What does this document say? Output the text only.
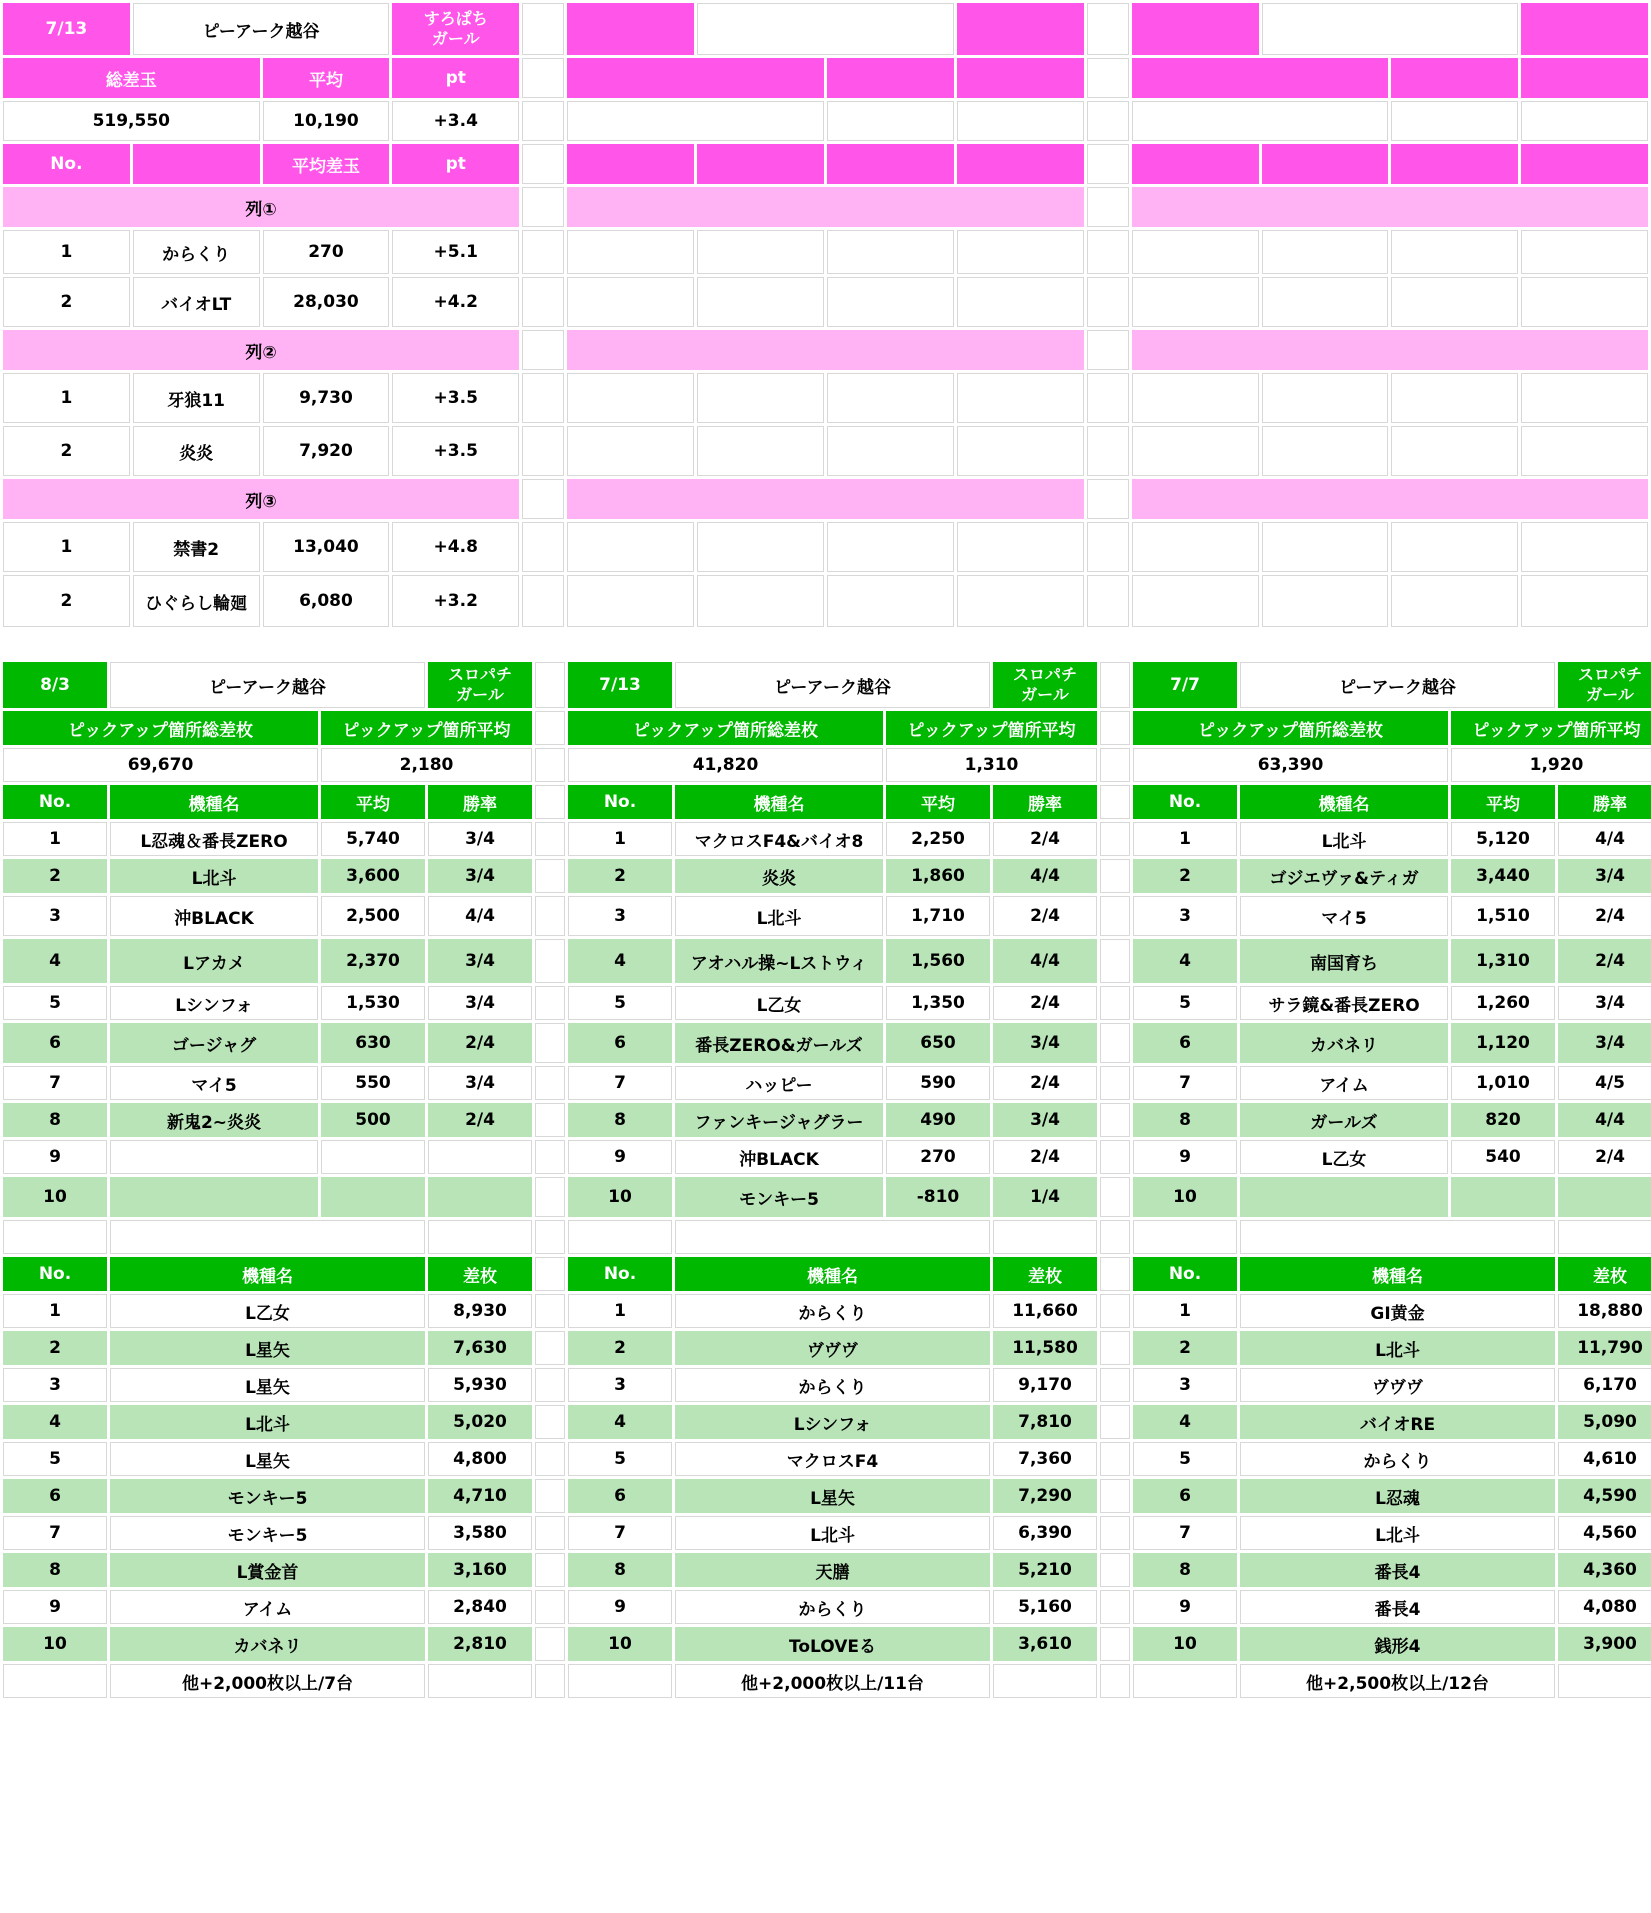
7/13	ピーアーク越谷		すろぱち
ガール										
総差玉		平均	pt										
519,550		10,190	+3.4										
No.		平均差玉	pt										
列①													
1	からくり	270	+5.1										
2	バイオLT	28,030	+4.2										
列②													
1	牙狼11	9,730	+3.5										
2	炎炎	7,920	+3.5										
列③													
1	禁書2	13,040	+4.8										
2	ひぐらし輪廻	6,080	+3.2										
8/3	ピーアーク越谷		スロパチ
ガール		7/13	ピーアーク越谷		スロパチ
ガール		7/7	ピーアーク越谷		スロパチ
ガール
ピックアップ箇所総差枚		ピックアップ箇所平均			ピックアップ箇所総差枚		ピックアップ箇所平均			ピックアップ箇所総差枚		ピックアップ箇所平均	
69,670		2,180			41,820		1,310			63,390		1,920	
No.	機種名	平均	勝率		No.	機種名	平均	勝率		No.	機種名	平均	勝率
1	L忍魂＆番長ZERO	5,740	3/4		1	マクロスF4&バイオ8	2,250	2/4		1	L北斗	5,120	4/4
2	L北斗	3,600	3/4		2	炎炎	1,860	4/4		2	ゴジエヴァ&ティガ	3,440	3/4
3	沖BLACK	2,500	4/4		3	L北斗	1,710	2/4		3	マイ5	1,510	2/4
4	Lアカメ	2,370	3/4		4	アオハル操~Lストウィ	1,560	4/4		4	南国育ち	1,310	2/4
5	Lシンフォ	1,530	3/4		5	L乙女	1,350	2/4		5	サラ鏡&番長ZERO	1,260	3/4
6	ゴージャグ	630	2/4		6	番長ZERO&ガールズ	650	3/4		6	カバネリ	1,120	3/4
7	マイ5	550	3/4		7	ハッピー	590	2/4		7	アイム	1,010	4/5
8	新鬼2~炎炎	500	2/4		8	ファンキージャグラー	490	3/4		8	ガールズ	820	4/4
9					9	沖BLACK	270	2/4		9	L乙女	540	2/4
10					10	モンキー5	-810	1/4		10			

No.	機種名		差枚		No.	機種名		差枚		No.	機種名		差枚
1	L乙女		8,930		1	からくり		11,660		1	GI黄金		18,880
2	L星矢		7,630		2	ヴヴヴ		11,580		2	L北斗		11,790
3	L星矢		5,930		3	からくり		9,170		3	ヴヴヴ		6,170
4	L北斗		5,020		4	Lシンフォ		7,810		4	バイオRE		5,090
5	L星矢		4,800		5	マクロスF4		7,360		5	からくり		4,610
6	モンキー5		4,710		6	L星矢		7,290		6	L忍魂		4,590
7	モンキー5		3,580		7	L北斗		6,390		7	L北斗		4,560
8	L賞金首		3,160		8	天膳		5,210		8	番長4		4,360
9	アイム		2,840		9	からくり		5,160		9	番長4		4,080
10	カバネリ		2,810		10	ToLOVEる		3,610		10	銭形4		3,900
	他+2,000枚以上/7台					他+2,000枚以上/11台					他+2,500枚以上/12台		
